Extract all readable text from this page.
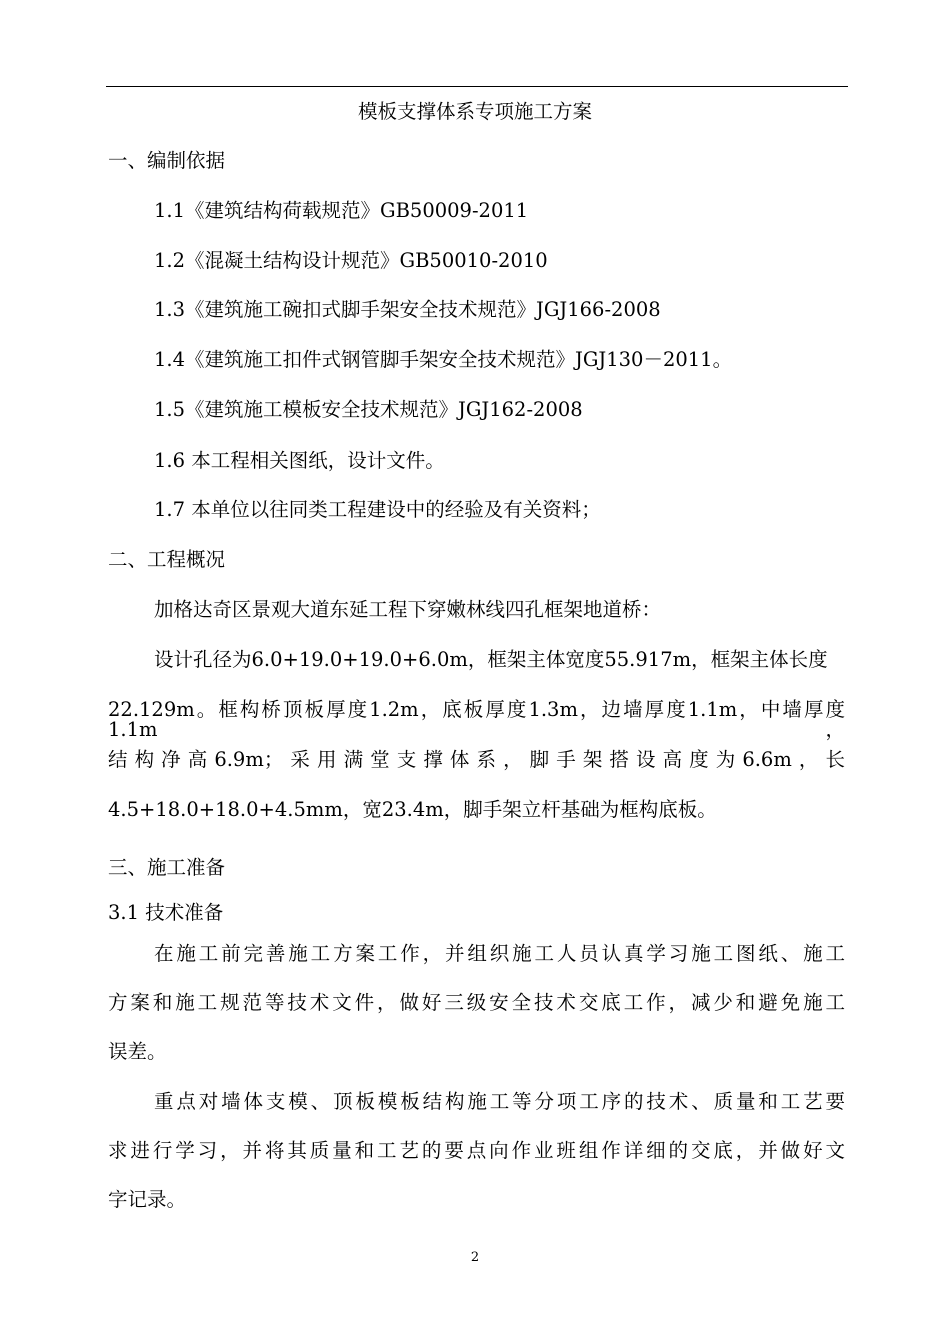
模板支撑体系专项施工方案
一、编制依据
1.1《建筑结构荷载规范》GB50009-2011
1.2《混凝土结构设计规范》GB50010-2010
1.3《建筑施工碗扣式脚手架安全技术规范》JGJ166-2008
1.4《建筑施工扣件式钢管脚手架安全技术规范》JGJ130－2011。
1.5《建筑施工模板安全技术规范》JGJ162-2008
1.6 本工程相关图纸，设计文件。
1.7 本单位以往同类工程建设中的经验及有关资料；
二、工程概况
加格达奇区景观大道东延工程下穿嫩林线四孔框架地道桥：
设计孔径为6.0+19.0+19.0+6.0m，框架主体宽度55.917m，框架主体长度
22.129m。框构桥顶板厚度1.2m，底板厚度1.3m，边墙厚度1.1m，中墙厚度1.1m，
结构净高6.9m；采用满堂支撑体系，脚手架搭设高度为6.6m，长
4.5+18.0+18.0+4.5mm，宽23.4m，脚手架立杆基础为框构底板。
三、施工准备
3.1 技术准备
在施工前完善施工方案工作，并组织施工人员认真学习施工图纸、施工
方案和施工规范等技术文件，做好三级安全技术交底工作，减少和避免施工
误差。
重点对墙体支模、顶板模板结构施工等分项工序的技术、质量和工艺要
求进行学习，并将其质量和工艺的要点向作业班组作详细的交底，并做好文
字记录。
2
